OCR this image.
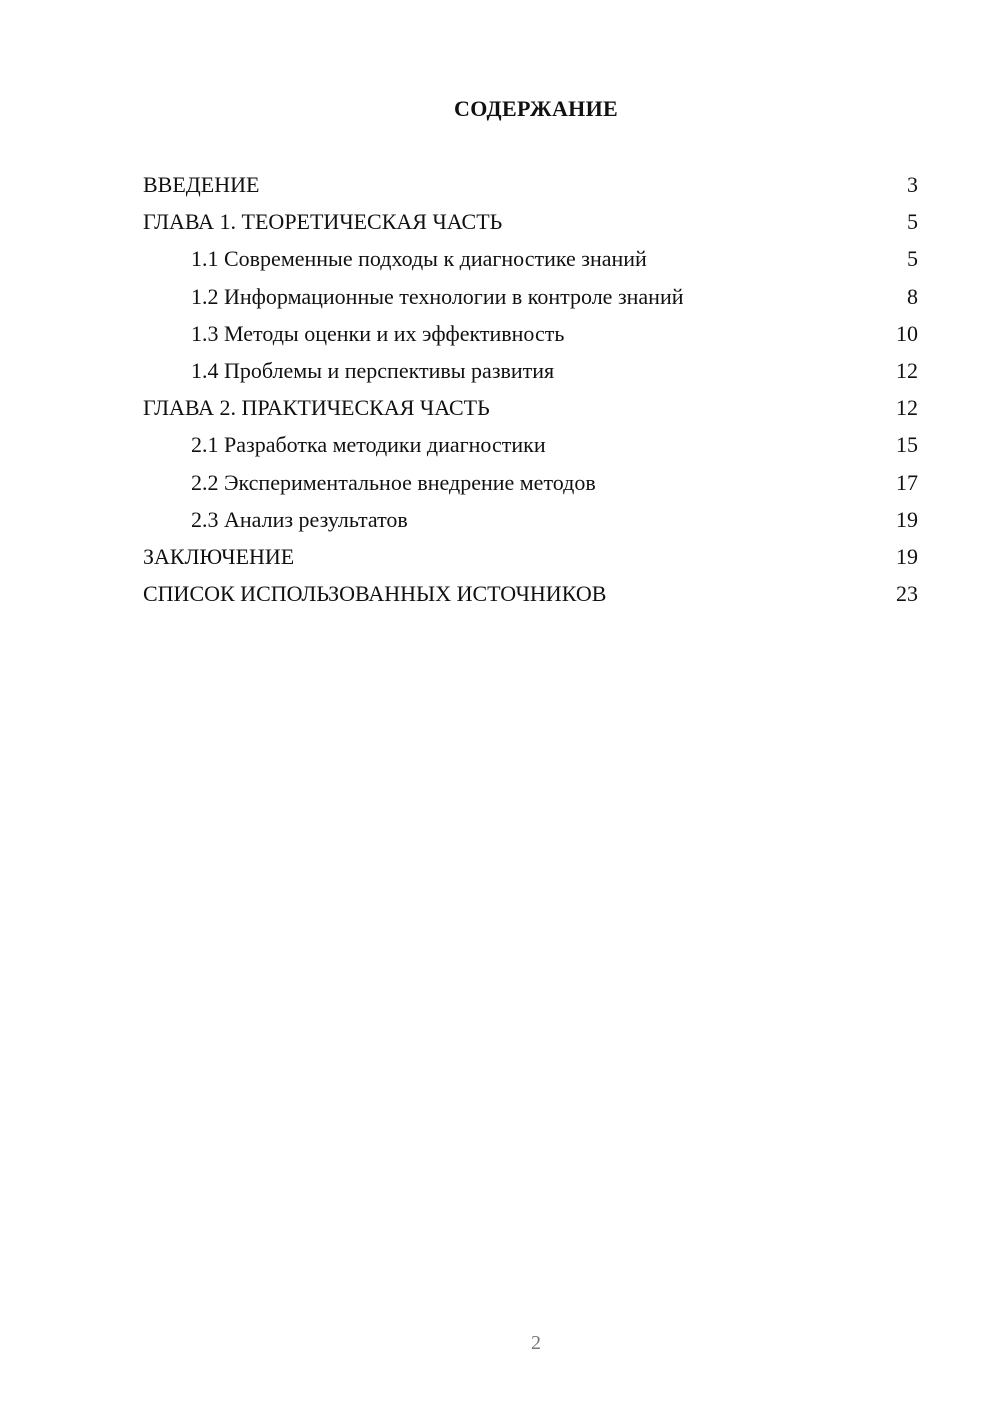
СОДЕРЖАНИЕ
ВВЕДЕНИЕ	3
ГЛАВА 1. ТЕОРЕТИЧЕСКАЯ ЧАСТЬ	5
1.1 Современные подходы к диагностике знаний	5
1.2 Информационные технологии в контроле знаний	8
1.3 Методы оценки и их эффективность	10
1.4 Проблемы и перспективы развития	12
ГЛАВА 2. ПРАКТИЧЕСКАЯ ЧАСТЬ	12
2.1 Разработка методики диагностики	15
2.2 Экспериментальное внедрение методов	17
2.3 Анализ результатов	19
ЗАКЛЮЧЕНИЕ	19
СПИСОК ИСПОЛЬЗОВАННЫХ ИСТОЧНИКОВ	23
2
